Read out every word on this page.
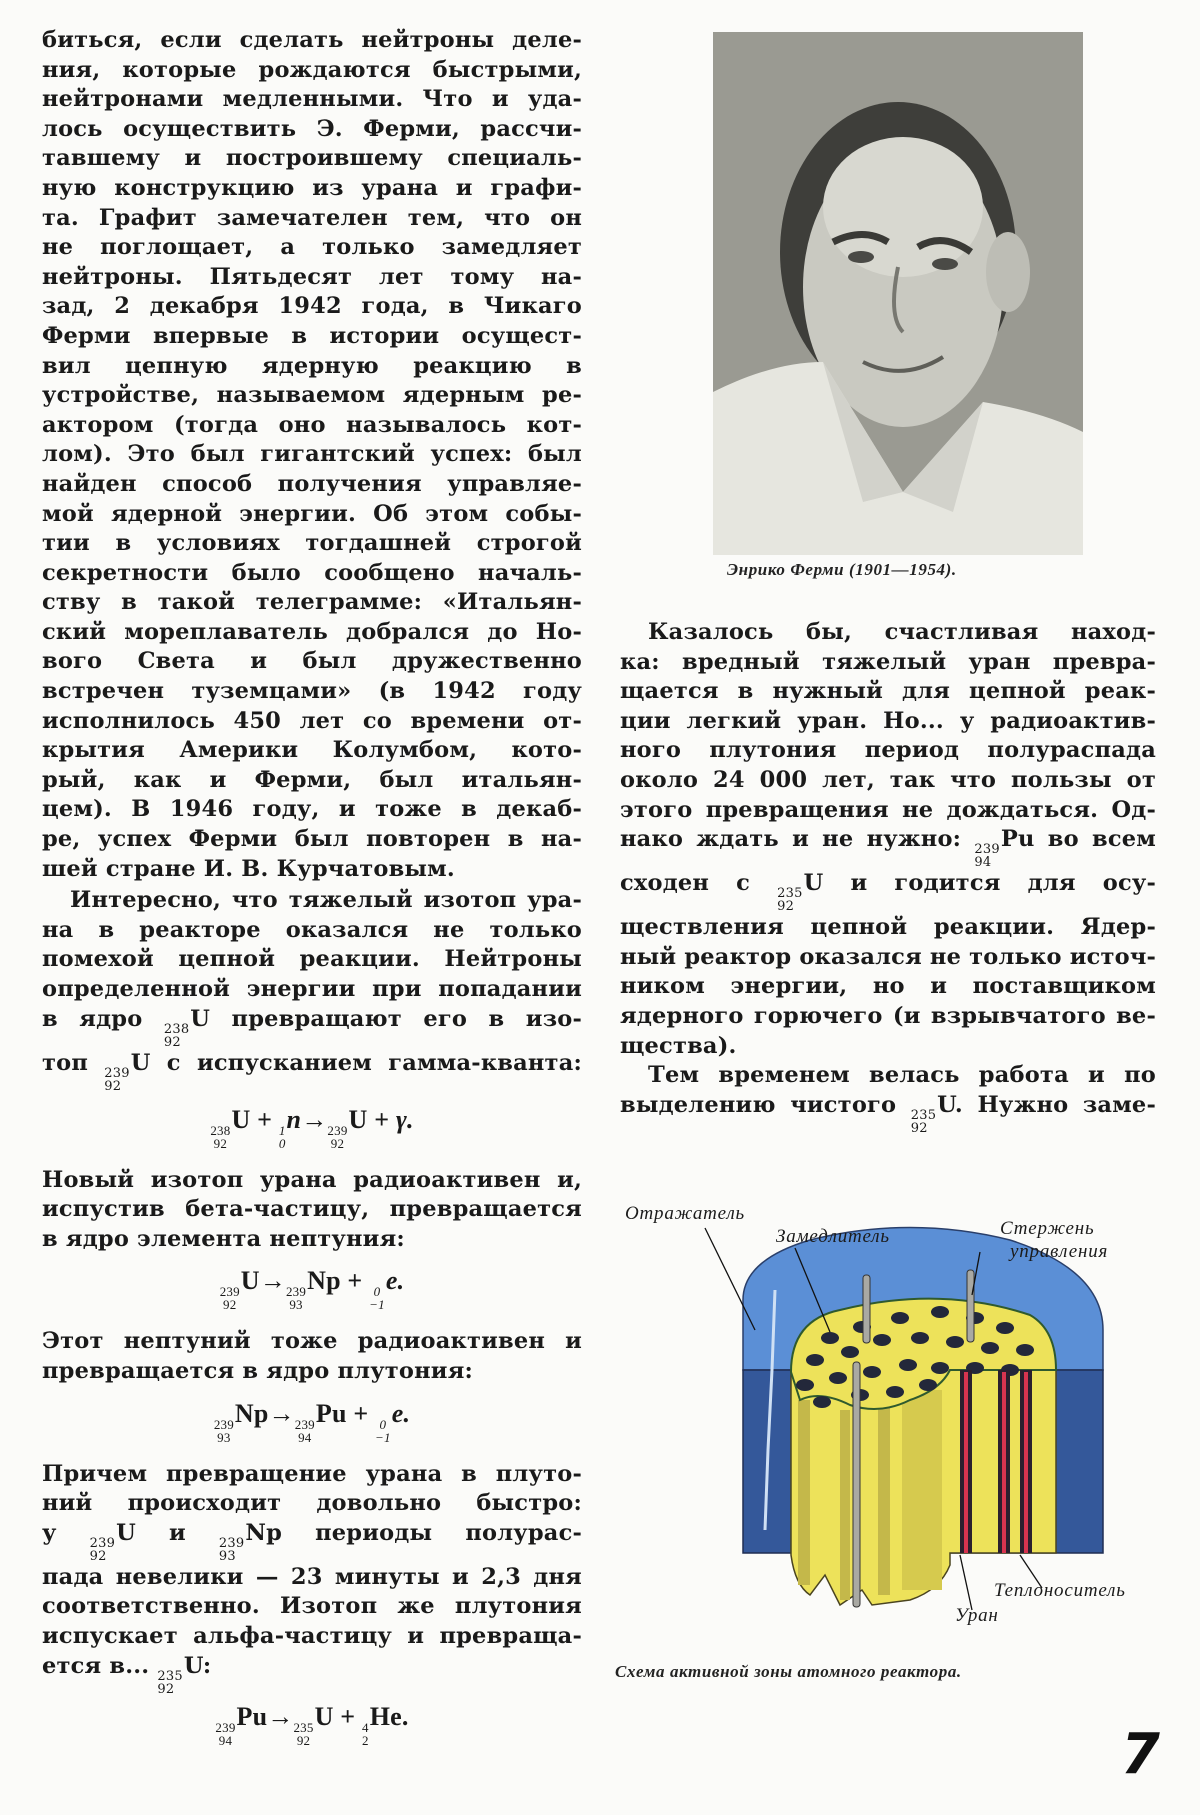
биться, если сделать нейтроны деле-
ния, которые рождаются быстрыми,
нейтронами медленными. Что и уда-
лось осуществить Э. Ферми, рассчи-
тавшему и построившему специаль-
ную конструкцию из урана и графи-
та. Графит замечателен тем, что он
не поглощает, а только замедляет
нейтроны. Пятьдесят лет тому на-
зад, 2 декабря 1942 года, в Чикаго
Ферми впервые в истории осущест-
вил цепную ядерную реакцию в
устройстве, называемом ядерным ре-
актором (тогда оно называлось кот-
лом). Это был гигантский успех: был
найден способ получения управляе-
мой ядерной энергии. Об этом собы-
тии в условиях тогдашней строгой
секретности было сообщено началь-
ству в такой телеграмме: «Итальян-
ский мореплаватель добрался до Но-
вого Света и был дружественно
встречен туземцами» (в 1942 году
исполнилось 450 лет со времени от-
крытия Америки Колумбом, кото-
рый, как и Ферми, был итальян-
цем). В 1946 году, и тоже в декаб-
ре, успех Ферми был повторен в на-
шей стране И. В. Курчатовым.
Интересно, что тяжелый изотоп ура-
на в реакторе оказался не только
помехой цепной реакции. Нейтроны
определенной энергии при попадании
в ядро 238
92
U превращают его в изо-
топ 239
92
U с испусканием гамма-кванта:
238
92
U + 1
0
n→ 239
92
U + γ.
Новый изотоп урана радиоактивен и,
испустив бета-частицу, превращается
в ядро элемента нептуния:
239
92
U→ 239
93
Np + 0
−1
e.
Этот нептуний тоже радиоактивен и
превращается в ядро плутония:
239
93
Np→ 239
94
Pu + 0
−1
e.
Причем превращение урана в плуто-
ний происходит довольно быстро:
у 239
92
U и 239
93
Np периоды полурас-
пада невелики — 23 минуты и 2,3 дня
соответственно. Изотоп же плутония
испускает альфа-частицу и превраща-
ется в... 235
92
U:
239
94
Pu→ 235
92
U + 4
2
He.
Энрико Ферми (1901—1954).
Казалось бы, счастливая наход-
ка: вредный тяжелый уран превра-
щается в нужный для цепной реак-
ции легкий уран. Но... у радиоактив-
ного плутония период полураспада
около 24 000 лет, так что пользы от
этого превращения не дождаться. Од-
нако ждать и не нужно: 239
94
Pu во всем
сходен с 235
92
U и годится для осу-
ществления цепной реакции. Ядер-
ный реактор оказался не только источ-
ником энергии, но и поставщиком
ядерного горючего (и взрывчатого ве-
щества).
Тем временем велась работа и по
выделению чистого 235
92
U. Нужно заме-
Отражатель
Замедлитель	Стержень
управления
Теплоноситель
Уран
Схема активной зоны атомного реактора.
7
